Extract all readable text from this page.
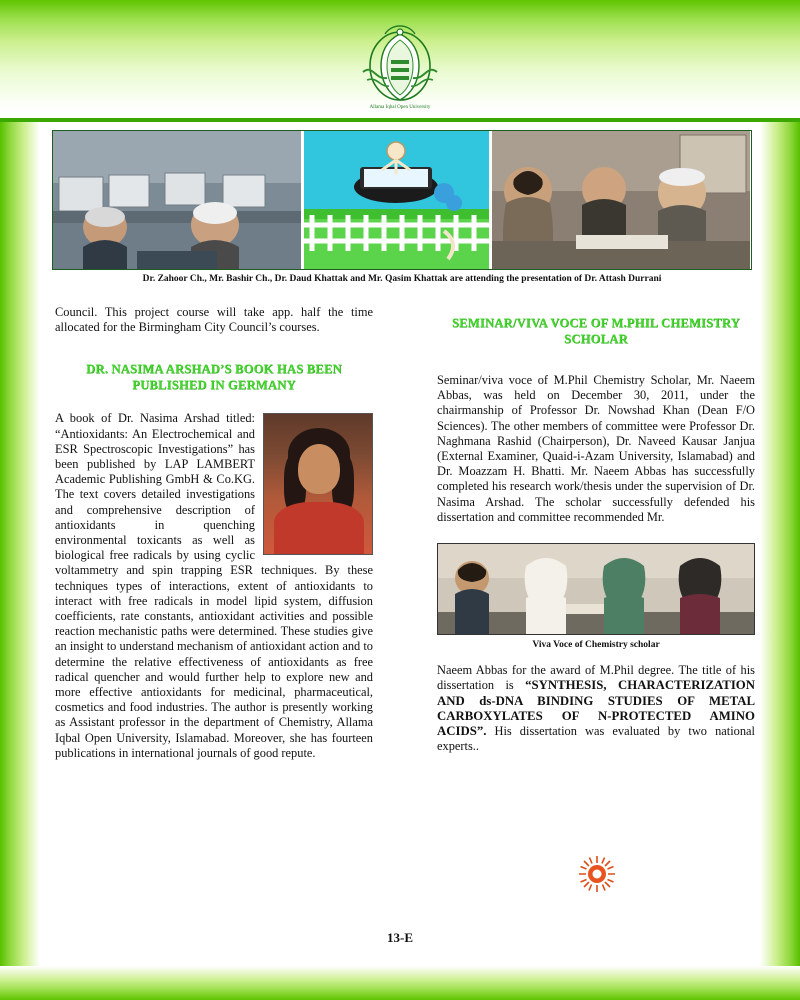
Allama Iqbal Open University
Dr. Zahoor Ch., Mr. Bashir Ch., Dr. Daud Khattak and Mr. Qasim Khattak are attending the presentation of Dr. Attash Durrani

Council. This project course will take app. half the time allocated for the Birmingham City Council’s courses.

DR. NASIMA ARSHAD’S BOOK HAS BEEN PUBLISHED IN GERMANY

A book of Dr. Nasima Arshad titled: “Antioxidants: An Electrochemical and ESR Spectroscopic Investigations” has been published by LAP LAMBERT Academic Publishing GmbH & Co.KG. The text covers detailed investigations and comprehensive description of antioxidants in quenching environmental toxicants as well as biological free radicals by using cyclic voltammetry and spin trapping ESR techniques. By these techniques types of interactions, extent of antioxidants to interact with free radicals in model lipid system, diffusion coefficients, rate constants, antioxidant activities and possible reaction mechanistic paths were determined. These studies give an insight to understand mechanism of antioxidant action and to determine the relative effectiveness of antioxidants as free radical quencher and would further help to explore new and more effective antioxidants for medicinal, pharmaceutical, cosmetics and food industries. The author is presently working as Assistant professor in the department of Chemistry, Allama Iqbal Open University, Islamabad. Moreover, she has fourteen publications in international journals of good repute.

SEMINAR/VIVA VOCE OF M.PHIL CHEMISTRY SCHOLAR

Seminar/viva voce of M.Phil Chemistry Scholar, Mr. Naeem Abbas, was held on December 30, 2011, under the chairmanship of Professor Dr. Nowshad Khan (Dean F/O Sciences). The other members of committee were Professor Dr. Naghmana Rashid (Chairperson), Dr. Naveed Kausar Janjua (External Examiner, Quaid-i-Azam University, Islamabad) and Dr. Moazzam H. Bhatti. Mr. Naeem Abbas has successfully completed his research work/thesis under the supervision of Dr. Nasima Arshad. The scholar successfully defended his dissertation and committee recommended Mr.

Viva Voce of Chemistry scholar

Naeem Abbas for the award of M.Phil degree. The title of his dissertation is “SYNTHESIS, CHARACTERIZATION AND ds-DNA BINDING STUDIES OF METAL CARBOXYLATES OF N-PROTECTED AMINO ACIDS”. His dissertation was evaluated by two national experts..

13-E
